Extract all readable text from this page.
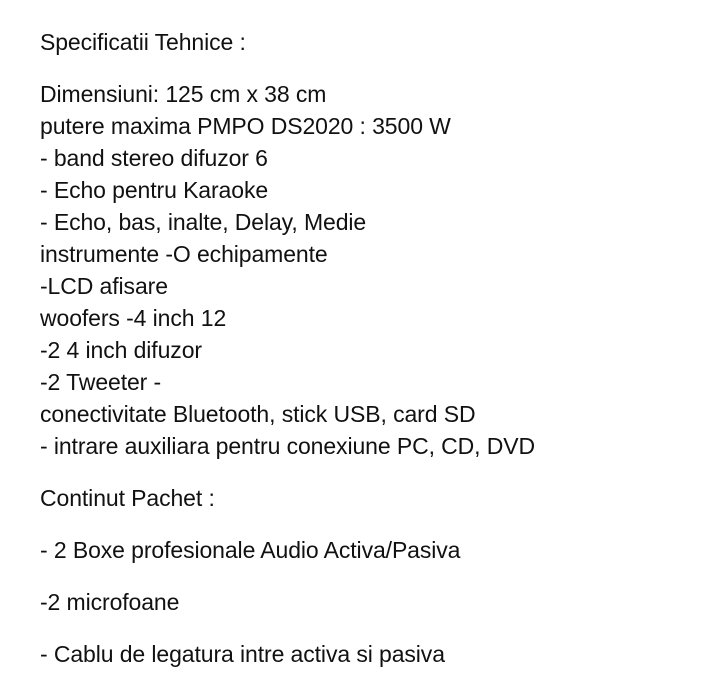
Specificatii Tehnice :
Dimensiuni: 125 cm x 38 cm
putere maxima PMPO DS2020 : 3500 W
- band stereo difuzor 6
- Echo pentru Karaoke
- Echo, bas, inalte, Delay, Medie
instrumente -O echipamente
-LCD afisare
woofers -4 inch 12
-2 4 inch difuzor
-2 Tweeter -
conectivitate Bluetooth, stick USB, card SD
- intrare auxiliara pentru conexiune PC, CD, DVD
Continut Pachet :
- 2 Boxe profesionale Audio Activa/Pasiva
-2 microfoane
- Cablu de legatura intre activa si pasiva
